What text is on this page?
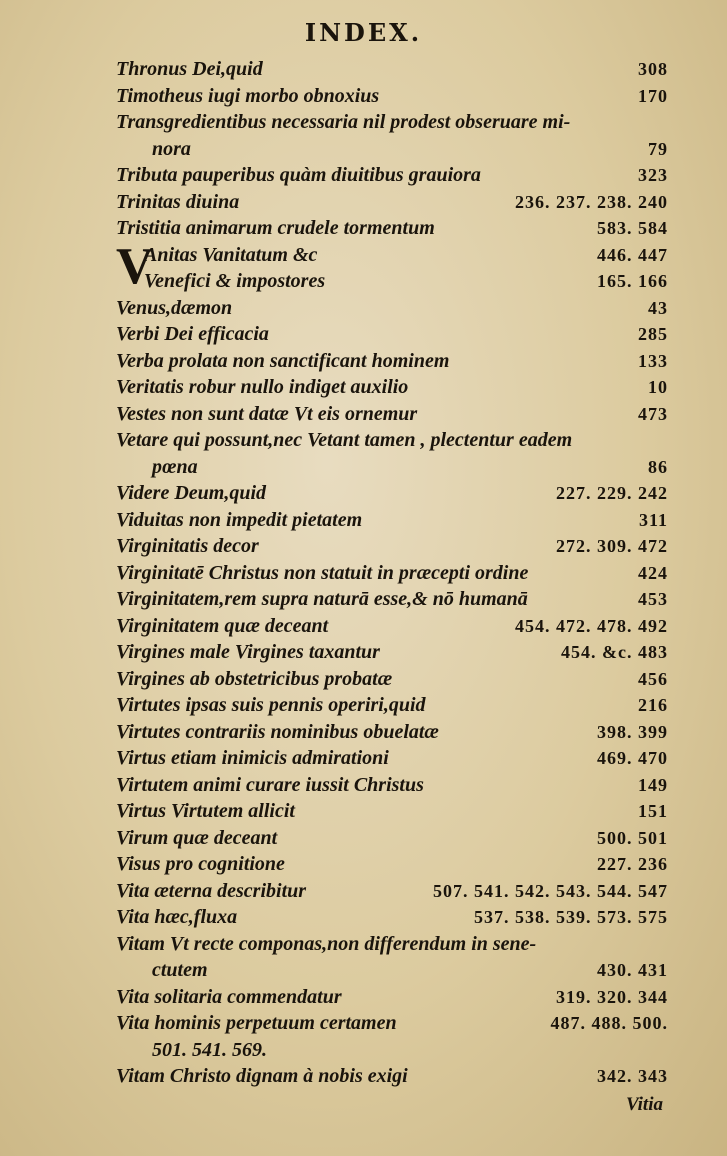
INDEX.
V
Thronus Dei,quid	308
Timotheus iugi morbo obnoxius	170
Transgredientibus necessaria nil prodest obseruare mi-
nora	79
Tributa pauperibus quàm diuitibus grauiora	323
Trinitas diuina	236. 237. 238. 240
Tristitia animarum crudele tormentum	583. 584
Anitas Vanitatum &c	446. 447
Venefici & impostores	165. 166
Venus,dæmon	43
Verbi Dei efficacia	285
Verba prolata non sanctificant hominem	133
Veritatis robur nullo indiget auxilio	10
Vestes non sunt datæ Vt eis ornemur	473
Vetare qui possunt,nec Vetant tamen , plectentur eadem
pœna	86
Videre Deum,quid	227. 229. 242
Viduitas non impedit pietatem	311
Virginitatis decor	272. 309. 472
Virginitatē Christus non statuit in præcepti ordine	424
Virginitatem,rem supra naturā esse,& nō humanā	453
Virginitatem quæ deceant	454. 472. 478. 492
Virgines male Virgines taxantur	454. &c. 483
Virgines ab obstetricibus probatæ	456
Virtutes ipsas suis pennis operiri,quid	216
Virtutes contrariis nominibus obuelatæ	398. 399
Virtus etiam inimicis admirationi	469. 470
Virtutem animi curare iussit Christus	149
Virtus Virtutem allicit	151
Virum quæ deceant	500. 501
Visus pro cognitione	227. 236
Vita æterna describitur	507. 541. 542. 543. 544. 547
Vita hæc,fluxa	537. 538. 539. 573. 575
Vitam Vt recte componas,non differendum in sene-
ctutem	430. 431
Vita solitaria commendatur	319. 320. 344
Vita hominis perpetuum certamen	487. 488. 500.
501. 541. 569.
Vitam Christo dignam à nobis exigi	342. 343
Vitia
